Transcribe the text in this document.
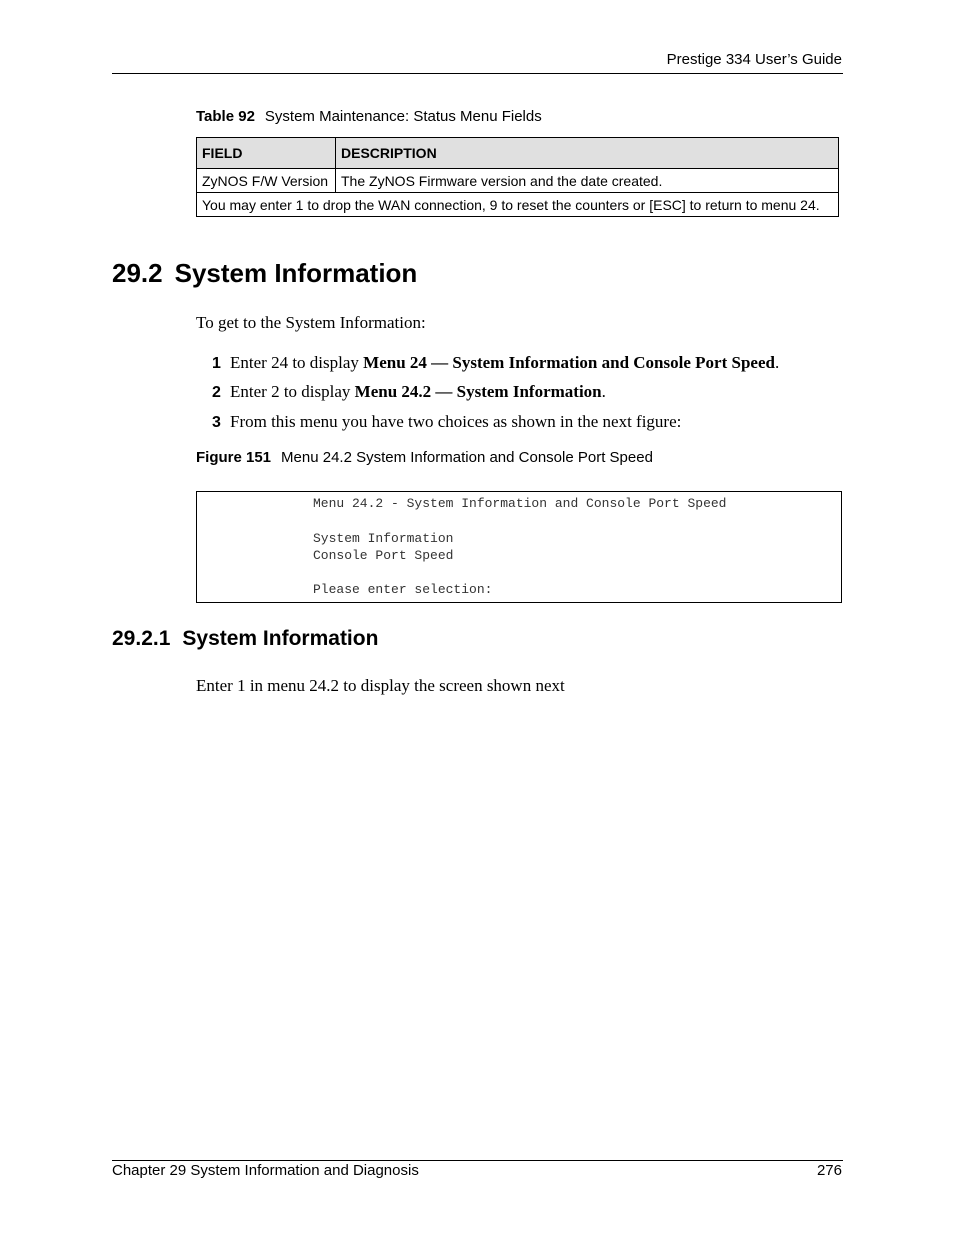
Prestige 334 User’s Guide
Table 92 System Maintenance: Status Menu Fields
FIELD	DESCRIPTION
ZyNOS F/W Version	The ZyNOS Firmware version and the date created.
You may enter 1 to drop the WAN connection, 9 to reset the counters or [ESC] to return to menu 24.	
29.2 System Information
To get to the System Information:
1 Enter 24 to display Menu 24 — System Information and Console Port Speed.
2 Enter 2 to display Menu 24.2 — System Information.
3 From this menu you have two choices as shown in the next figure:
Figure 151 Menu 24.2 System Information and Console Port Speed
Menu 24.2 - System Information and Console Port Speed
System Information
Console Port Speed
Please enter selection:
29.2.1 System Information
Enter 1 in menu 24.2 to display the screen shown next
Chapter 29 System Information and Diagnosis	276
